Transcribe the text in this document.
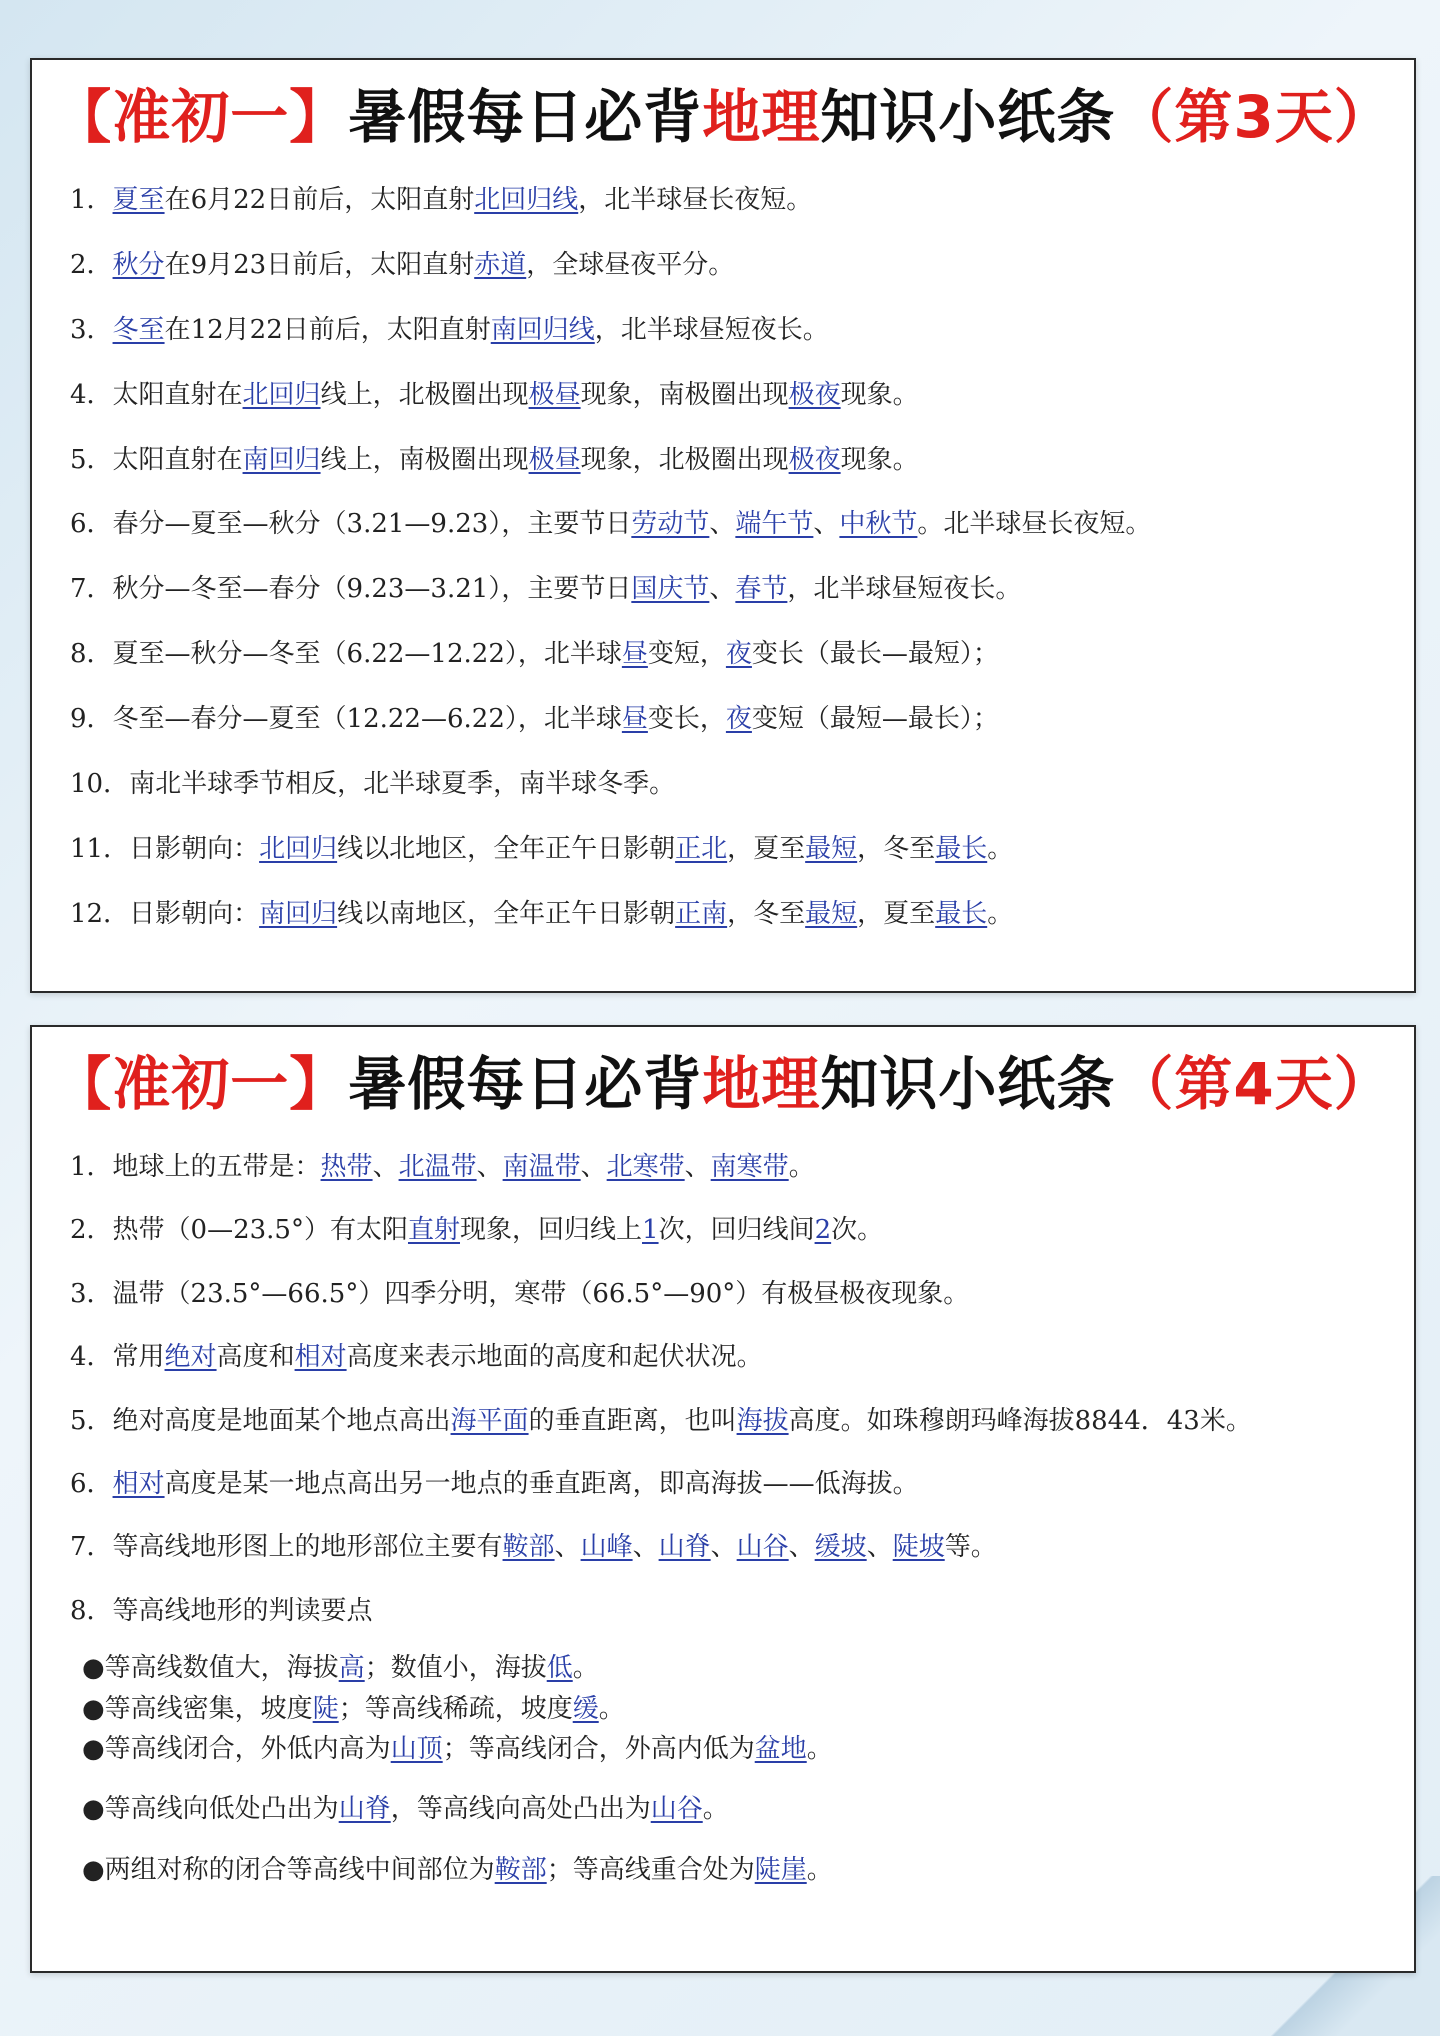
【准初一】暑假每日必背地理知识小纸条（第3天）
1．夏至在6月22日前后，太阳直射北回归线，北半球昼长夜短。
2．秋分在9月23日前后，太阳直射赤道，全球昼夜平分。
3．冬至在12月22日前后，太阳直射南回归线，北半球昼短夜长。
4．太阳直射在北回归线上，北极圈出现极昼现象，南极圈出现极夜现象。
5．太阳直射在南回归线上，南极圈出现极昼现象，北极圈出现极夜现象。
6．春分—夏至—秋分（3.21—9.23），主要节日劳动节、端午节、中秋节。北半球昼长夜短。
7．秋分—冬至—春分（9.23—3.21），主要节日国庆节、春节，北半球昼短夜长。
8．夏至—秋分—冬至（6.22—12.22），北半球昼变短，夜变长（最长—最短）；
9．冬至—春分—夏至（12.22—6.22），北半球昼变长，夜变短（最短—最长）；
10．南北半球季节相反，北半球夏季，南半球冬季。
11．日影朝向：北回归线以北地区，全年正午日影朝正北，夏至最短，冬至最长。
12．日影朝向：南回归线以南地区，全年正午日影朝正南，冬至最短，夏至最长。
【准初一】暑假每日必背地理知识小纸条（第4天）
1．地球上的五带是：热带、北温带、南温带、北寒带、南寒带。
2．热带（0—23.5°）有太阳直射现象，回归线上1次，回归线间2次。
3．温带（23.5°—66.5°）四季分明，寒带（66.5°—90°）有极昼极夜现象。
4．常用绝对高度和相对高度来表示地面的高度和起伏状况。
5．绝对高度是地面某个地点高出海平面的垂直距离，也叫海拔高度。如珠穆朗玛峰海拔8844．43米。
6．相对高度是某一地点高出另一地点的垂直距离，即高海拔——低海拔。
7．等高线地形图上的地形部位主要有鞍部、山峰、山脊、山谷、缓坡、陡坡等。
8．等高线地形的判读要点
●等高线数值大，海拔高；数值小，海拔低。
●等高线密集，坡度陡；等高线稀疏，坡度缓。
●等高线闭合，外低内高为山顶；等高线闭合，外高内低为盆地。
●等高线向低处凸出为山脊，等高线向高处凸出为山谷。
●两组对称的闭合等高线中间部位为鞍部；等高线重合处为陡崖。
